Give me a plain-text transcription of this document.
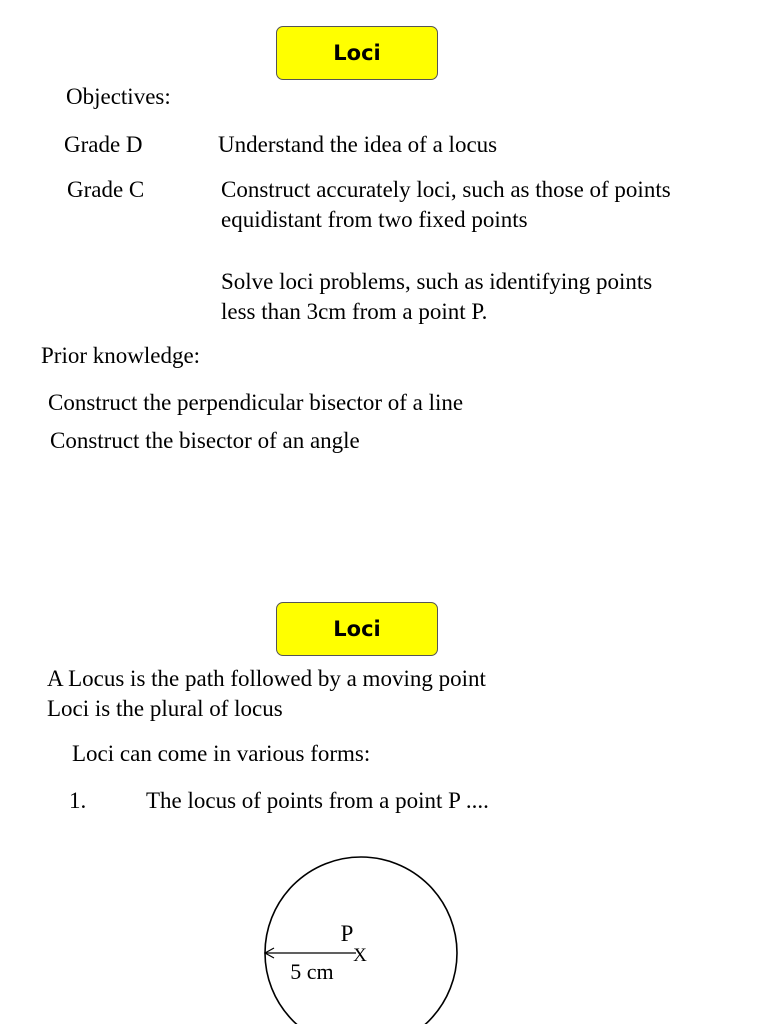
Loci

Objectives:

Grade D	Understand the idea of a locus

Grade C	Construct accurately loci, such as those of points

equidistant from two fixed points

Solve loci problems, such as identifying points

less than 3cm from a point P.

Prior knowledge:

Construct the perpendicular bisector of a line

Construct the bisector of an angle

Loci

A Locus is the path followed by a moving point

Loci is the plural of locus

Loci can come in various forms:

1.	The locus of points from a point P ....

X
P
5 cm
